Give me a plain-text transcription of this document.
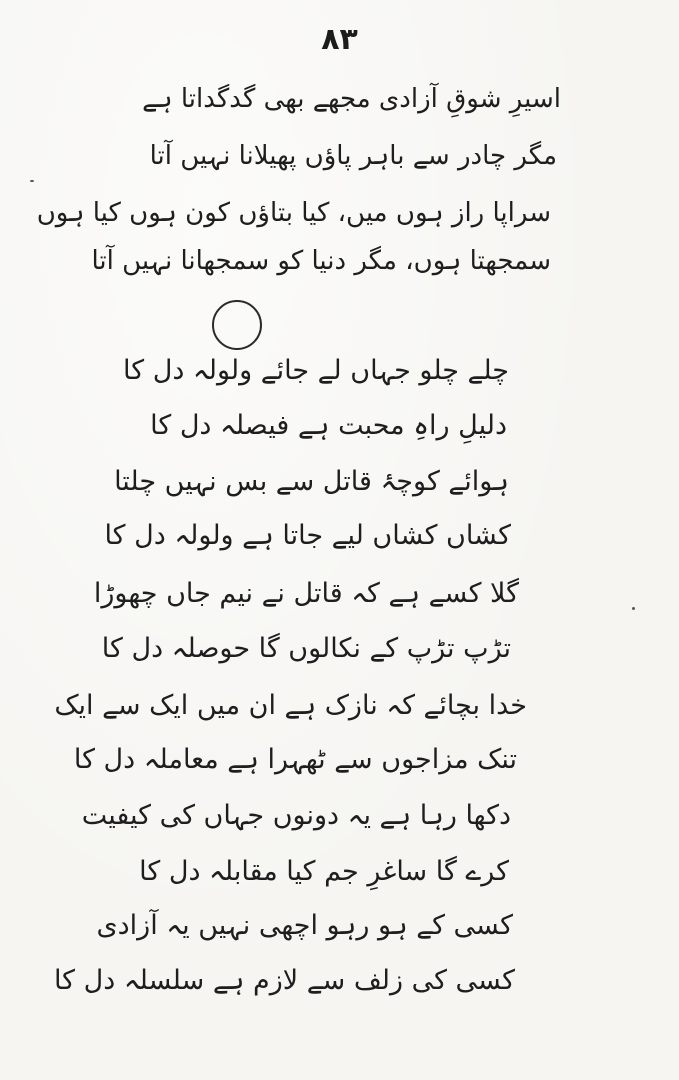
۸۳
اسیرِ شوقِ آزادی مجھے بھی گدگداتا ہے
مگر چادر سے باہر پاؤں پھیلانا نہیں آتا
سراپا راز ہوں میں، کیا بتاؤں کون ہوں کیا ہوں
سمجھتا ہوں، مگر دنیا کو سمجھانا نہیں آتا
چلے چلو جہاں لے جائے ولولہ دل کا
دلیلِ راہِ محبت ہے فیصلہ دل کا
ہوائے کوچۂ قاتل سے بس نہیں چلتا
کشاں کشاں لیے جاتا ہے ولولہ دل کا
گلا کسے ہے کہ قاتل نے نیم جاں چھوڑا
تڑپ تڑپ کے نکالوں گا حوصلہ دل کا
خدا بچائے کہ نازک ہے ان میں ایک سے ایک
تنک مزاجوں سے ٹھہرا ہے معاملہ دل کا
دکھا رہا ہے یہ دونوں جہاں کی کیفیت
کرے گا ساغرِ جم کیا مقابلہ دل کا
کسی کے ہو رہو اچھی نہیں یہ آزادی
کسی کی زلف سے لازم ہے سلسلہ دل کا
